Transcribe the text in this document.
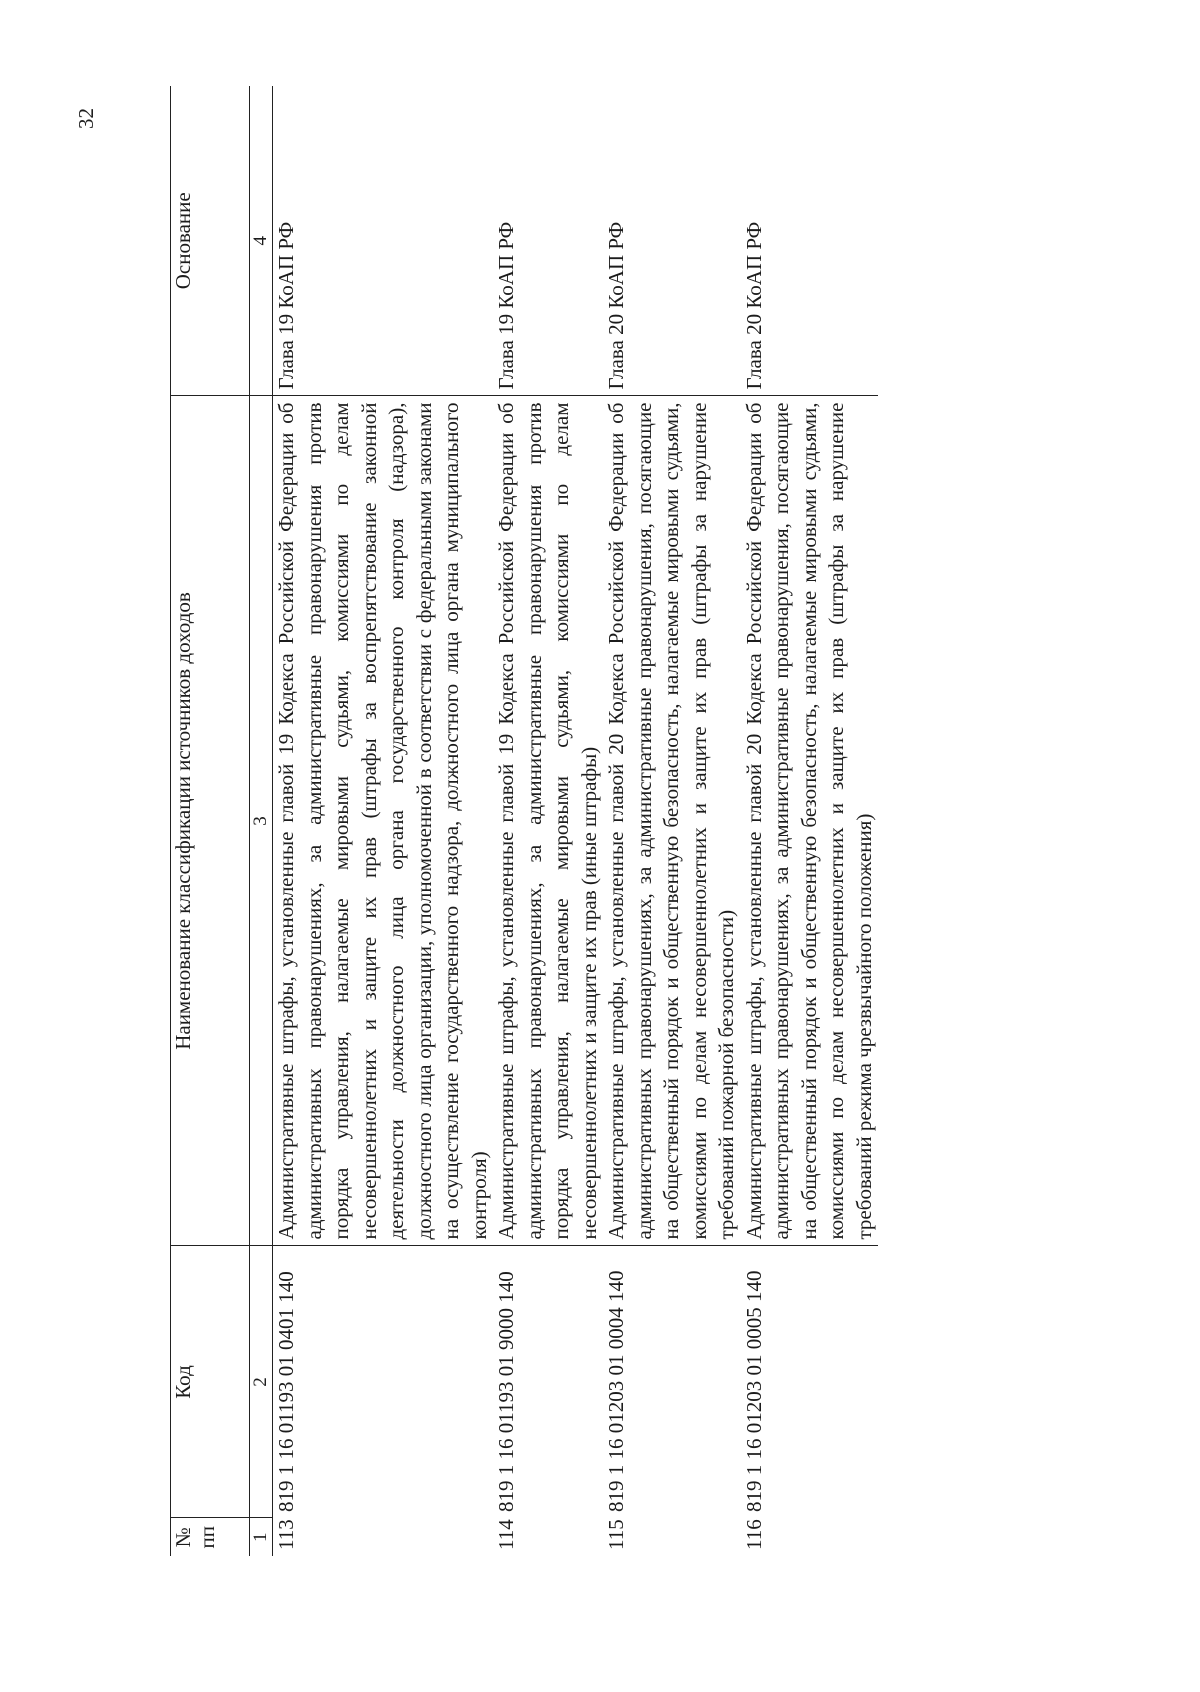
32
№ пп	Код	Наименование классификации источников доходов	Основание
1	2	3	4
113	819 1 16 01193 01 0401 140	Административные штрафы, установленные главой 19 Кодекса Российской Федерации об административных правонарушениях, за административные правонарушения против порядка управления, налагаемые мировыми судьями, комиссиями по делам несовершеннолетних и защите их прав (штрафы за воспрепятствование законной деятельности должностного лица органа государственного контроля (надзора), должностного лица организации, уполномоченной в соответствии с федеральными законами на осуществление государственного надзора, должностного лица органа муниципального контроля)	Глава 19 КоАП РФ
114	819 1 16 01193 01 9000 140	Административные штрафы, установленные главой 19 Кодекса Российской Федерации об административных правонарушениях, за административные правонарушения против порядка управления, налагаемые мировыми судьями, комиссиями по делам несовершеннолетних и защите их прав (иные штрафы)	Глава 19 КоАП РФ
115	819 1 16 01203 01 0004 140	Административные штрафы, установленные главой 20 Кодекса Российской Федерации об административных правонарушениях, за административные правонарушения, посягающие на общественный порядок и общественную безопасность, налагаемые мировыми судьями, комиссиями по делам несовершеннолетних и защите их прав (штрафы за нарушение требований пожарной безопасности)	Глава 20 КоАП РФ
116	819 1 16 01203 01 0005 140	Административные штрафы, установленные главой 20 Кодекса Российской Федерации об административных правонарушениях, за административные правонарушения, посягающие на общественный порядок и общественную безопасность, налагаемые мировыми судьями, комиссиями по делам несовершеннолетних и защите их прав (штрафы за нарушение требований режима чрезвычайного положения)	Глава 20 КоАП РФ
